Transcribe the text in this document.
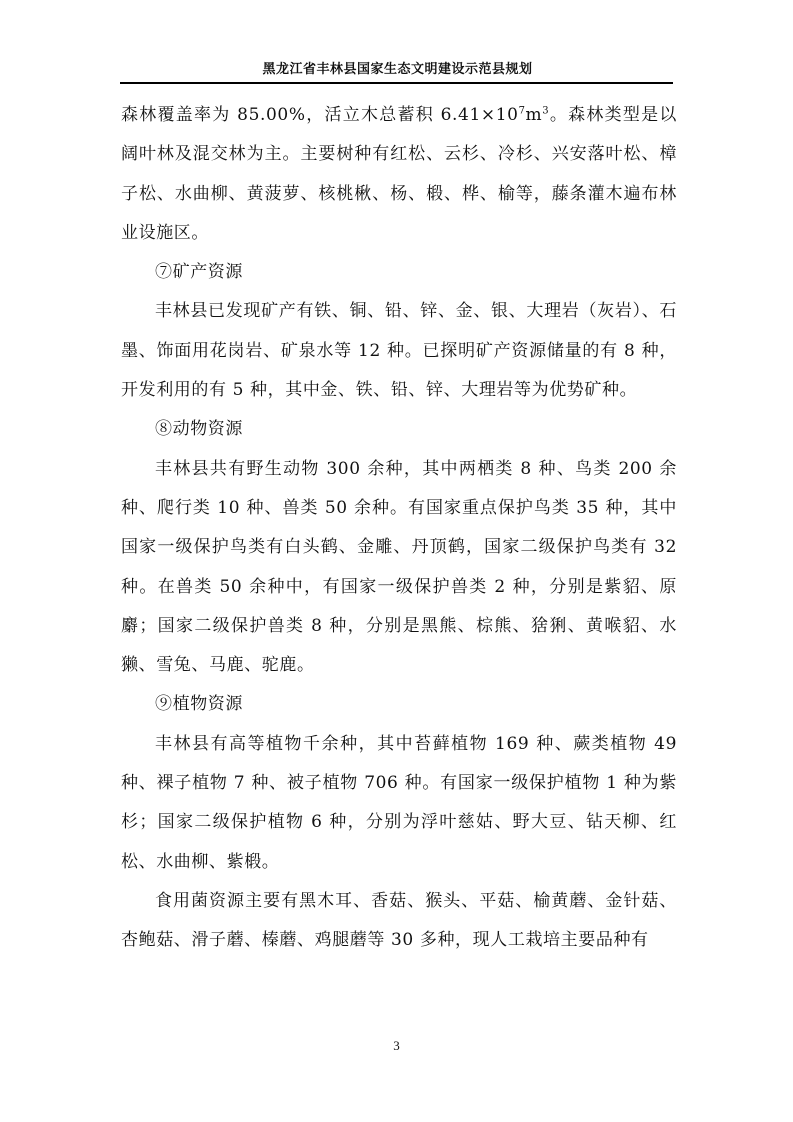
黑龙江省丰林县国家生态文明建设示范县规划

森林覆盖率为 85.00%，活立木总蓄积 $6.41\times 10^7m^3$。森林类型是以阔叶林及混交林为主。主要树种有红松、云杉、冷杉、兴安落叶松、樟子松、水曲柳、黄菠萝、核桃楸、杨、椴、桦、榆等，藤条灌木遍布林业设施区。

⑦矿产资源

丰林县已发现矿产有铁、铜、铅、锌、金、银、大理岩（灰岩）、石墨、饰面用花岗岩、矿泉水等 12 种。已探明矿产资源储量的有 8 种，开发利用的有 5 种，其中金、铁、铅、锌、大理岩等为优势矿种。

⑧动物资源

丰林县共有野生动物 300 余种，其中两栖类 8 种、鸟类 200 余种、爬行类 10 种、兽类 50 余种。有国家重点保护鸟类 35 种，其中国家一级保护鸟类有白头鹤、金雕、丹顶鹤，国家二级保护鸟类有 32 种。在兽类 50 余种中，有国家一级保护兽类 2 种，分别是紫貂、原麝；国家二级保护兽类 8 种，分别是黑熊、棕熊、猞猁、黄喉貂、水獭、雪兔、马鹿、驼鹿。

⑨植物资源

丰林县有高等植物千余种，其中苔藓植物 169 种、蕨类植物 49 种、裸子植物 7 种、被子植物 706 种。有国家一级保护植物 1 种为紫杉；国家二级保护植物 6 种，分别为浮叶慈姑、野大豆、钻天柳、红松、水曲柳、紫椴。

食用菌资源主要有黑木耳、香菇、猴头、平菇、榆黄蘑、金针菇、杏鲍菇、滑子蘑、榛蘑、鸡腿蘑等 30 多种，现人工栽培主要品种有

3
